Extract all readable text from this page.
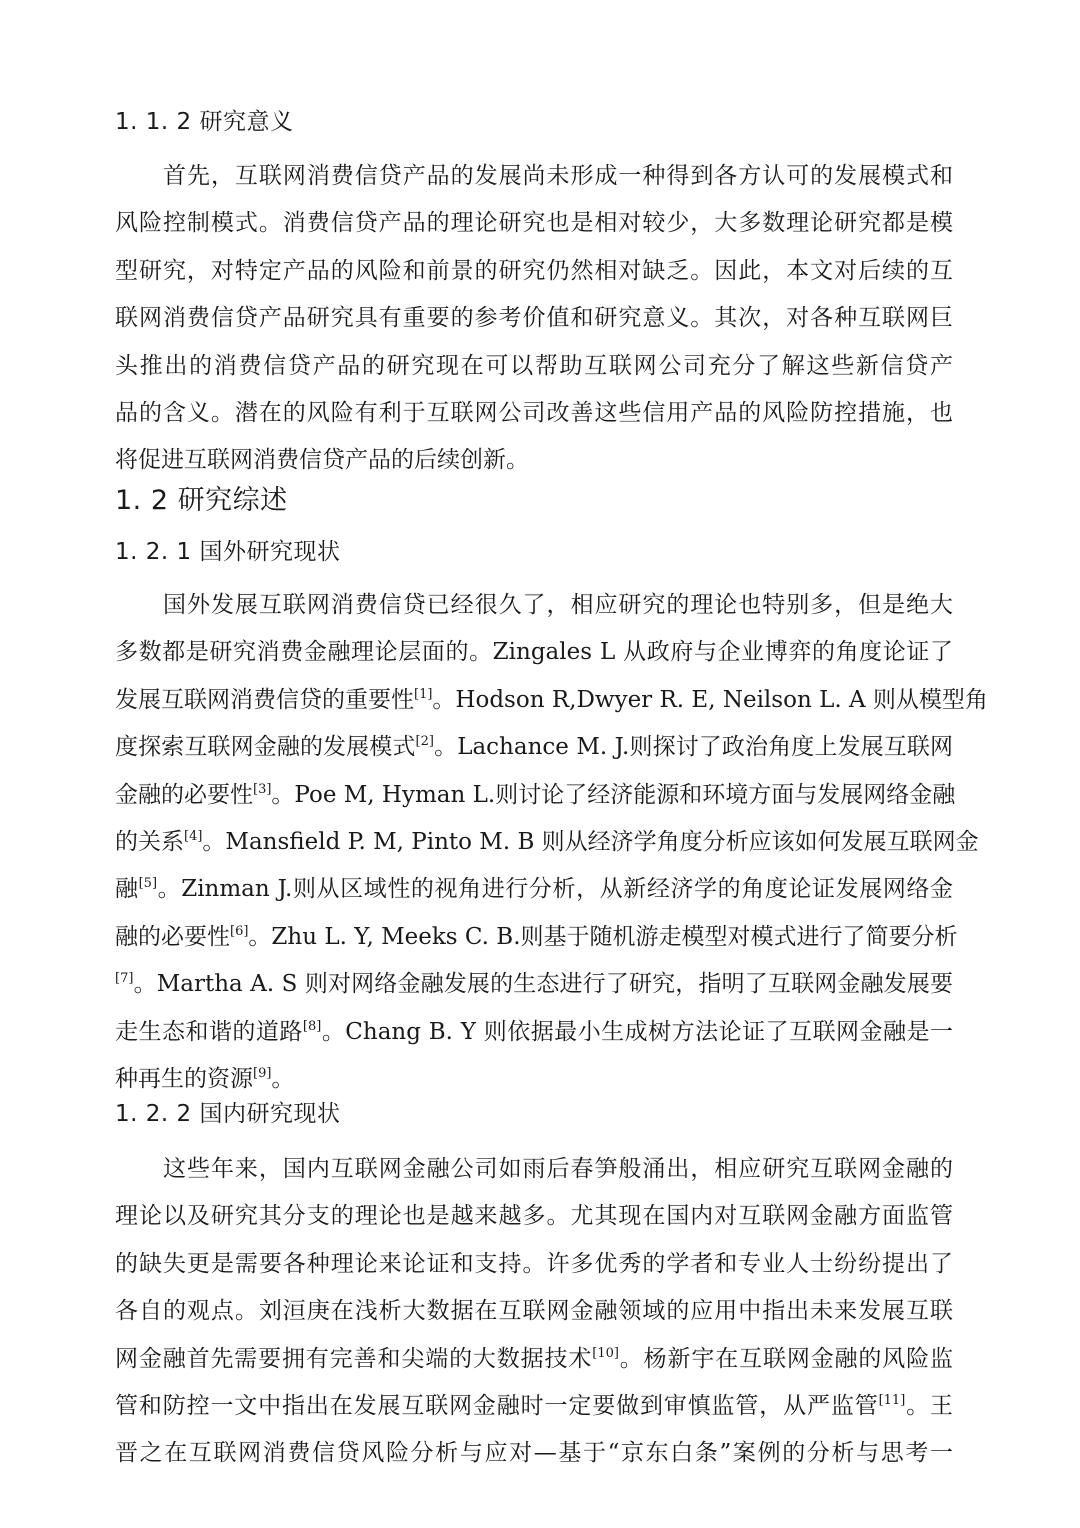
1. 1. 2 研究意义
首先，互联网消费信贷产品的发展尚未形成一种得到各方认可的发展模式和
风险控制模式。消费信贷产品的理论研究也是相对较少，大多数理论研究都是模
型研究，对特定产品的风险和前景的研究仍然相对缺乏。因此，本文对后续的互
联网消费信贷产品研究具有重要的参考价值和研究意义。其次，对各种互联网巨
头推出的消费信贷产品的研究现在可以帮助互联网公司充分了解这些新信贷产
品的含义。潜在的风险有利于互联网公司改善这些信用产品的风险防控措施，也
将促进互联网消费信贷产品的后续创新。
1. 2 研究综述
1. 2. 1 国外研究现状
国外发展互联网消费信贷已经很久了，相应研究的理论也特别多，但是绝大
多数都是研究消费金融理论层面的。Zingales L 从政府与企业博弈的角度论证了
发展互联网消费信贷的重要性[1]。Hodson R,Dwyer R. E, Neilson L. A 则从模型角
度探索互联网金融的发展模式[2]。Lachance M. J.则探讨了政治角度上发展互联网
金融的必要性[3]。Poe M, Hyman L.则讨论了经济能源和环境方面与发展网络金融
的关系[4]。Mansfield P. M, Pinto M. B 则从经济学角度分析应该如何发展互联网金
融[5]。Zinman J.则从区域性的视角进行分析，从新经济学的角度论证发展网络金
融的必要性[6]。Zhu L. Y, Meeks C. B.则基于随机游走模型对模式进行了简要分析
[7]。Martha A. S 则对网络金融发展的生态进行了研究，指明了互联网金融发展要
走生态和谐的道路[8]。Chang B. Y 则依据最小生成树方法论证了互联网金融是一
种再生的资源[9]。
1. 2. 2 国内研究现状
这些年来，国内互联网金融公司如雨后春笋般涌出，相应研究互联网金融的
理论以及研究其分支的理论也是越来越多。尤其现在国内对互联网金融方面监管
的缺失更是需要各种理论来论证和支持。许多优秀的学者和专业人士纷纷提出了
各自的观点。刘洹庚在浅析大数据在互联网金融领域的应用中指出未来发展互联
网金融首先需要拥有完善和尖端的大数据技术[10]。杨新宇在互联网金融的风险监
管和防控一文中指出在发展互联网金融时一定要做到审慎监管，从严监管[11]。王
晋之在互联网消费信贷风险分析与应对—基于“京东白条”案例的分析与思考一
